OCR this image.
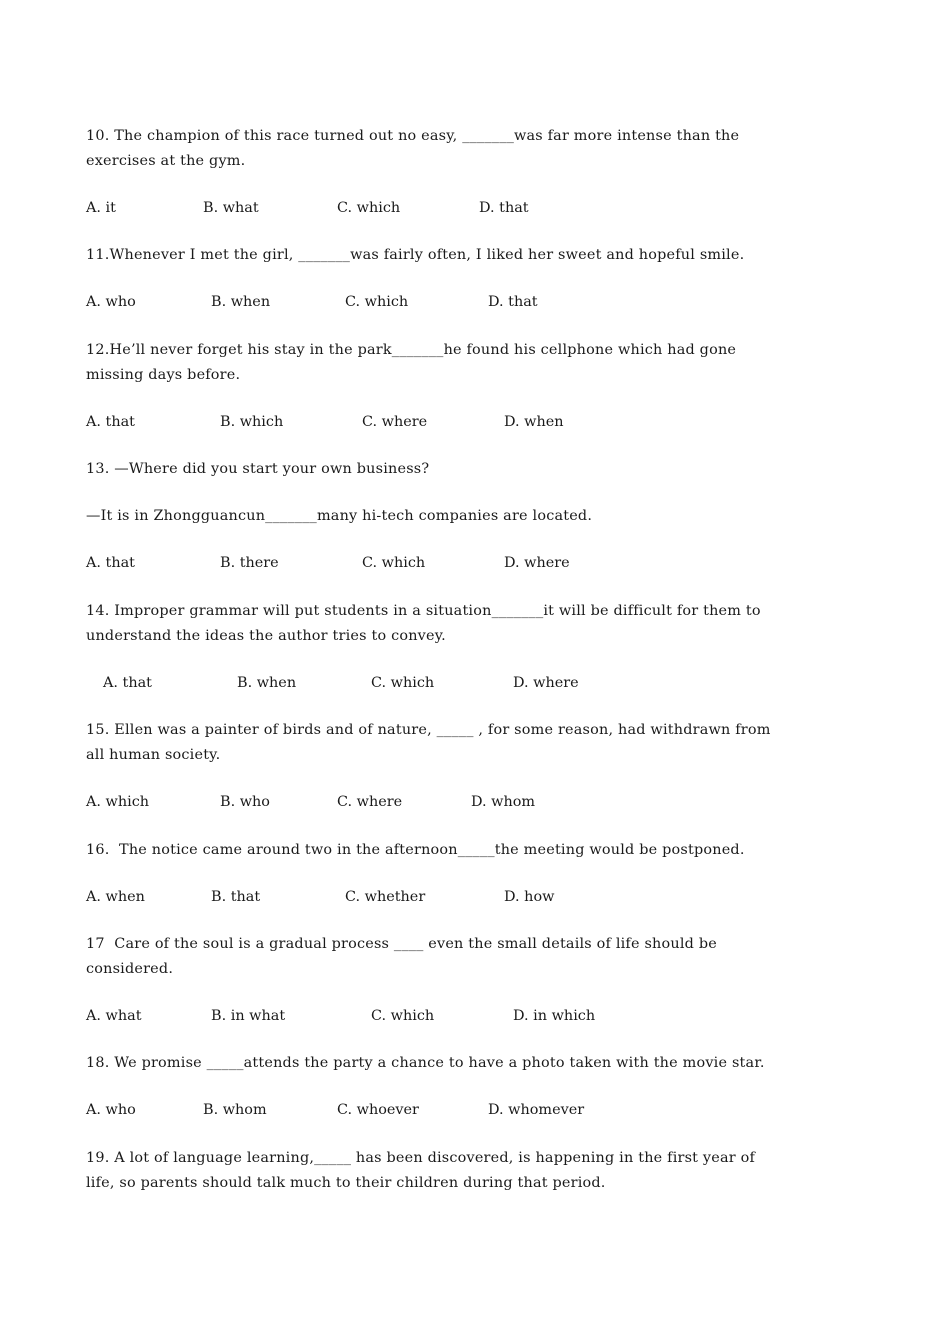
10. The champion of this race turned out no easy, _______was far more intense than the
exercises at the gym.
A. it	B. what	C. which	D. that
11.Whenever I met the girl, _______was fairly often, I liked her sweet and hopeful smile.
A. who	B. when	C. which	D. that
12.He’ll never forget his stay in the park_______he found his cellphone which had gone
missing days before.
A. that	B. which	C. where	D. when
13. —Where did you start your own business?
—It is in Zhongguancun_______many hi-tech companies are located.
A. that	B. there	C. which	D. where
14. Improper grammar will put students in a situation_______it will be difficult for them to
understand the ideas the author tries to convey.
A. that	B. when	C. which	D. where
15. Ellen was a painter of birds and of nature, _____ , for some reason, had withdrawn from
all human society.
A. which	B. who	C. where	D. whom
16.  The notice came around two in the afternoon_____the meeting would be postponed.
A. when	B. that	C. whether	D. how
17  Care of the soul is a gradual process ____ even the small details of life should be
considered.
A. what	B. in what	C. which	D. in which
18. We promise _____attends the party a chance to have a photo taken with the movie star.
A. who	B. whom	C. whoever	D. whomever
19. A lot of language learning,_____ has been discovered, is happening in the first year of
life, so parents should talk much to their children during that period.
